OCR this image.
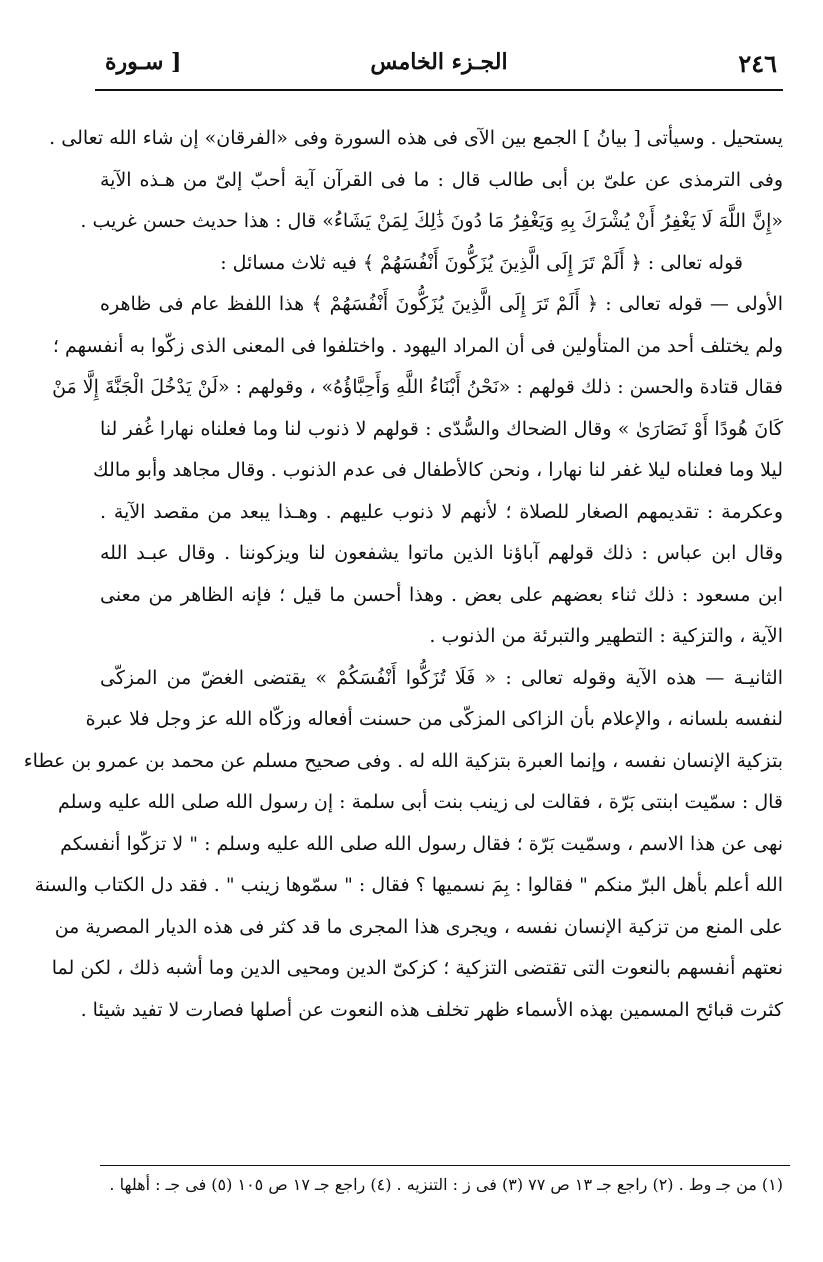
٢٤٦
الجـزء الخامس
[ سـورة
يستحيل . وسيأتى [ بيانُ ] الجمع بين الآى فى هذه السورة وفى «الفرقان» إن شاء الله تعالى .
وفى الترمذى عن علىّ بن أبى طالب قال : ما فى القرآن آية أحبّ إلىّ من هـذه الآية
«إِنَّ اللَّهَ لَا يَغْفِرُ أَنْ يُشْرَكَ بِهِ وَيَغْفِرُ مَا دُونَ ذَٰلِكَ لِمَنْ يَشَاءُ» قال : هذا حديث حسن غريب .
قوله تعالى : ﴿ أَلَمْ تَرَ إِلَى الَّذِينَ يُزَكُّونَ أَنْفُسَهُمْ ﴾ فيه ثلاث مسائل :
الأولى — قوله تعالى : ﴿ أَلَمْ تَرَ إِلَى الَّذِينَ يُزَكُّونَ أَنْفُسَهُمْ ﴾ هذا اللفظ عام فى ظاهره
ولم يختلف أحد من المتأولين فى أن المراد اليهود . واختلفوا فى المعنى الذى زكّوا به أنفسهم ؛
فقال قتادة والحسن : ذلك قولهم : «نَحْنُ أَبْنَاءُ اللَّهِ وَأَحِبَّاؤُهُ» ، وقولهم : «لَنْ يَدْخُلَ الْجَنَّةَ إِلَّا مَنْ
كَانَ هُودًا أَوْ نَصَارَىٰ » وقال الضحاك والسُّدّى : قولهم لا ذنوب لنا وما فعلناه نهارا غُفر لنا
ليلا وما فعلناه ليلا غفر لنا نهارا ، ونحن كالأطفال فى عدم الذنوب . وقال مجاهد وأبو مالك
وعكرمة : تقديمهم الصغار للصلاة ؛ لأنهم لا ذنوب عليهم . وهـذا يبعد من مقصد الآية .
وقال ابن عباس : ذلك قولهم آباؤنا الذين ماتوا يشفعون لنا ويزكوننا . وقال عبـد الله
ابن مسعود : ذلك ثناء بعضهم على بعض . وهذا أحسن ما قيل ؛ فإنه الظاهر من معنى
الآية ، والتزكية : التطهير والتبرئة من الذنوب .
الثانيـة — هذه الآية وقوله تعالى : « فَلَا تُزَكُّوا أَنْفُسَكُمْ » يقتضى الغضّ من المزكّى
لنفسه بلسانه ، والإعلام بأن الزاكى المزكّى من حسنت أفعاله وزكّاه الله عز وجل فلا عبرة
بتزكية الإنسان نفسه ، وإنما العبرة بتزكية الله له . وفى صحيح مسلم عن محمد بن عمرو بن عطاء
قال : سمّيت ابنتى بَرّة ، فقالت لى زينب بنت أبى سلمة : إن رسول الله صلى الله عليه وسلم
نهى عن هذا الاسم ، وسمّيت بَرّة ؛ فقال رسول الله صلى الله عليه وسلم : " لا تزكّوا أنفسكم
الله أعلم بأهل البرّ منكم " فقالوا : بِمَ نسميها ؟ فقال : " سمّوها زينب " . فقد دل الكتاب والسنة
على المنع من تزكية الإنسان نفسه ، ويجرى هذا المجرى ما قد كثر فى هذه الديار المصرية من
نعتهم أنفسهم بالنعوت التى تقتضى التزكية ؛ كزكىّ الدين ومحيى الدين وما أشبه ذلك ، لكن لما
كثرت قبائح المسمين بهذه الأسماء ظهر تخلف هذه النعوت عن أصلها فصارت لا تفيد شيئا .
(١) من جـ وط . (٢) راجع جـ ١٣ ص ٧٧ (٣) فى ز : التنزيه . (٤) راجع جـ ١٧ ص ١٠٥ (٥) فى جـ : أهلها .
